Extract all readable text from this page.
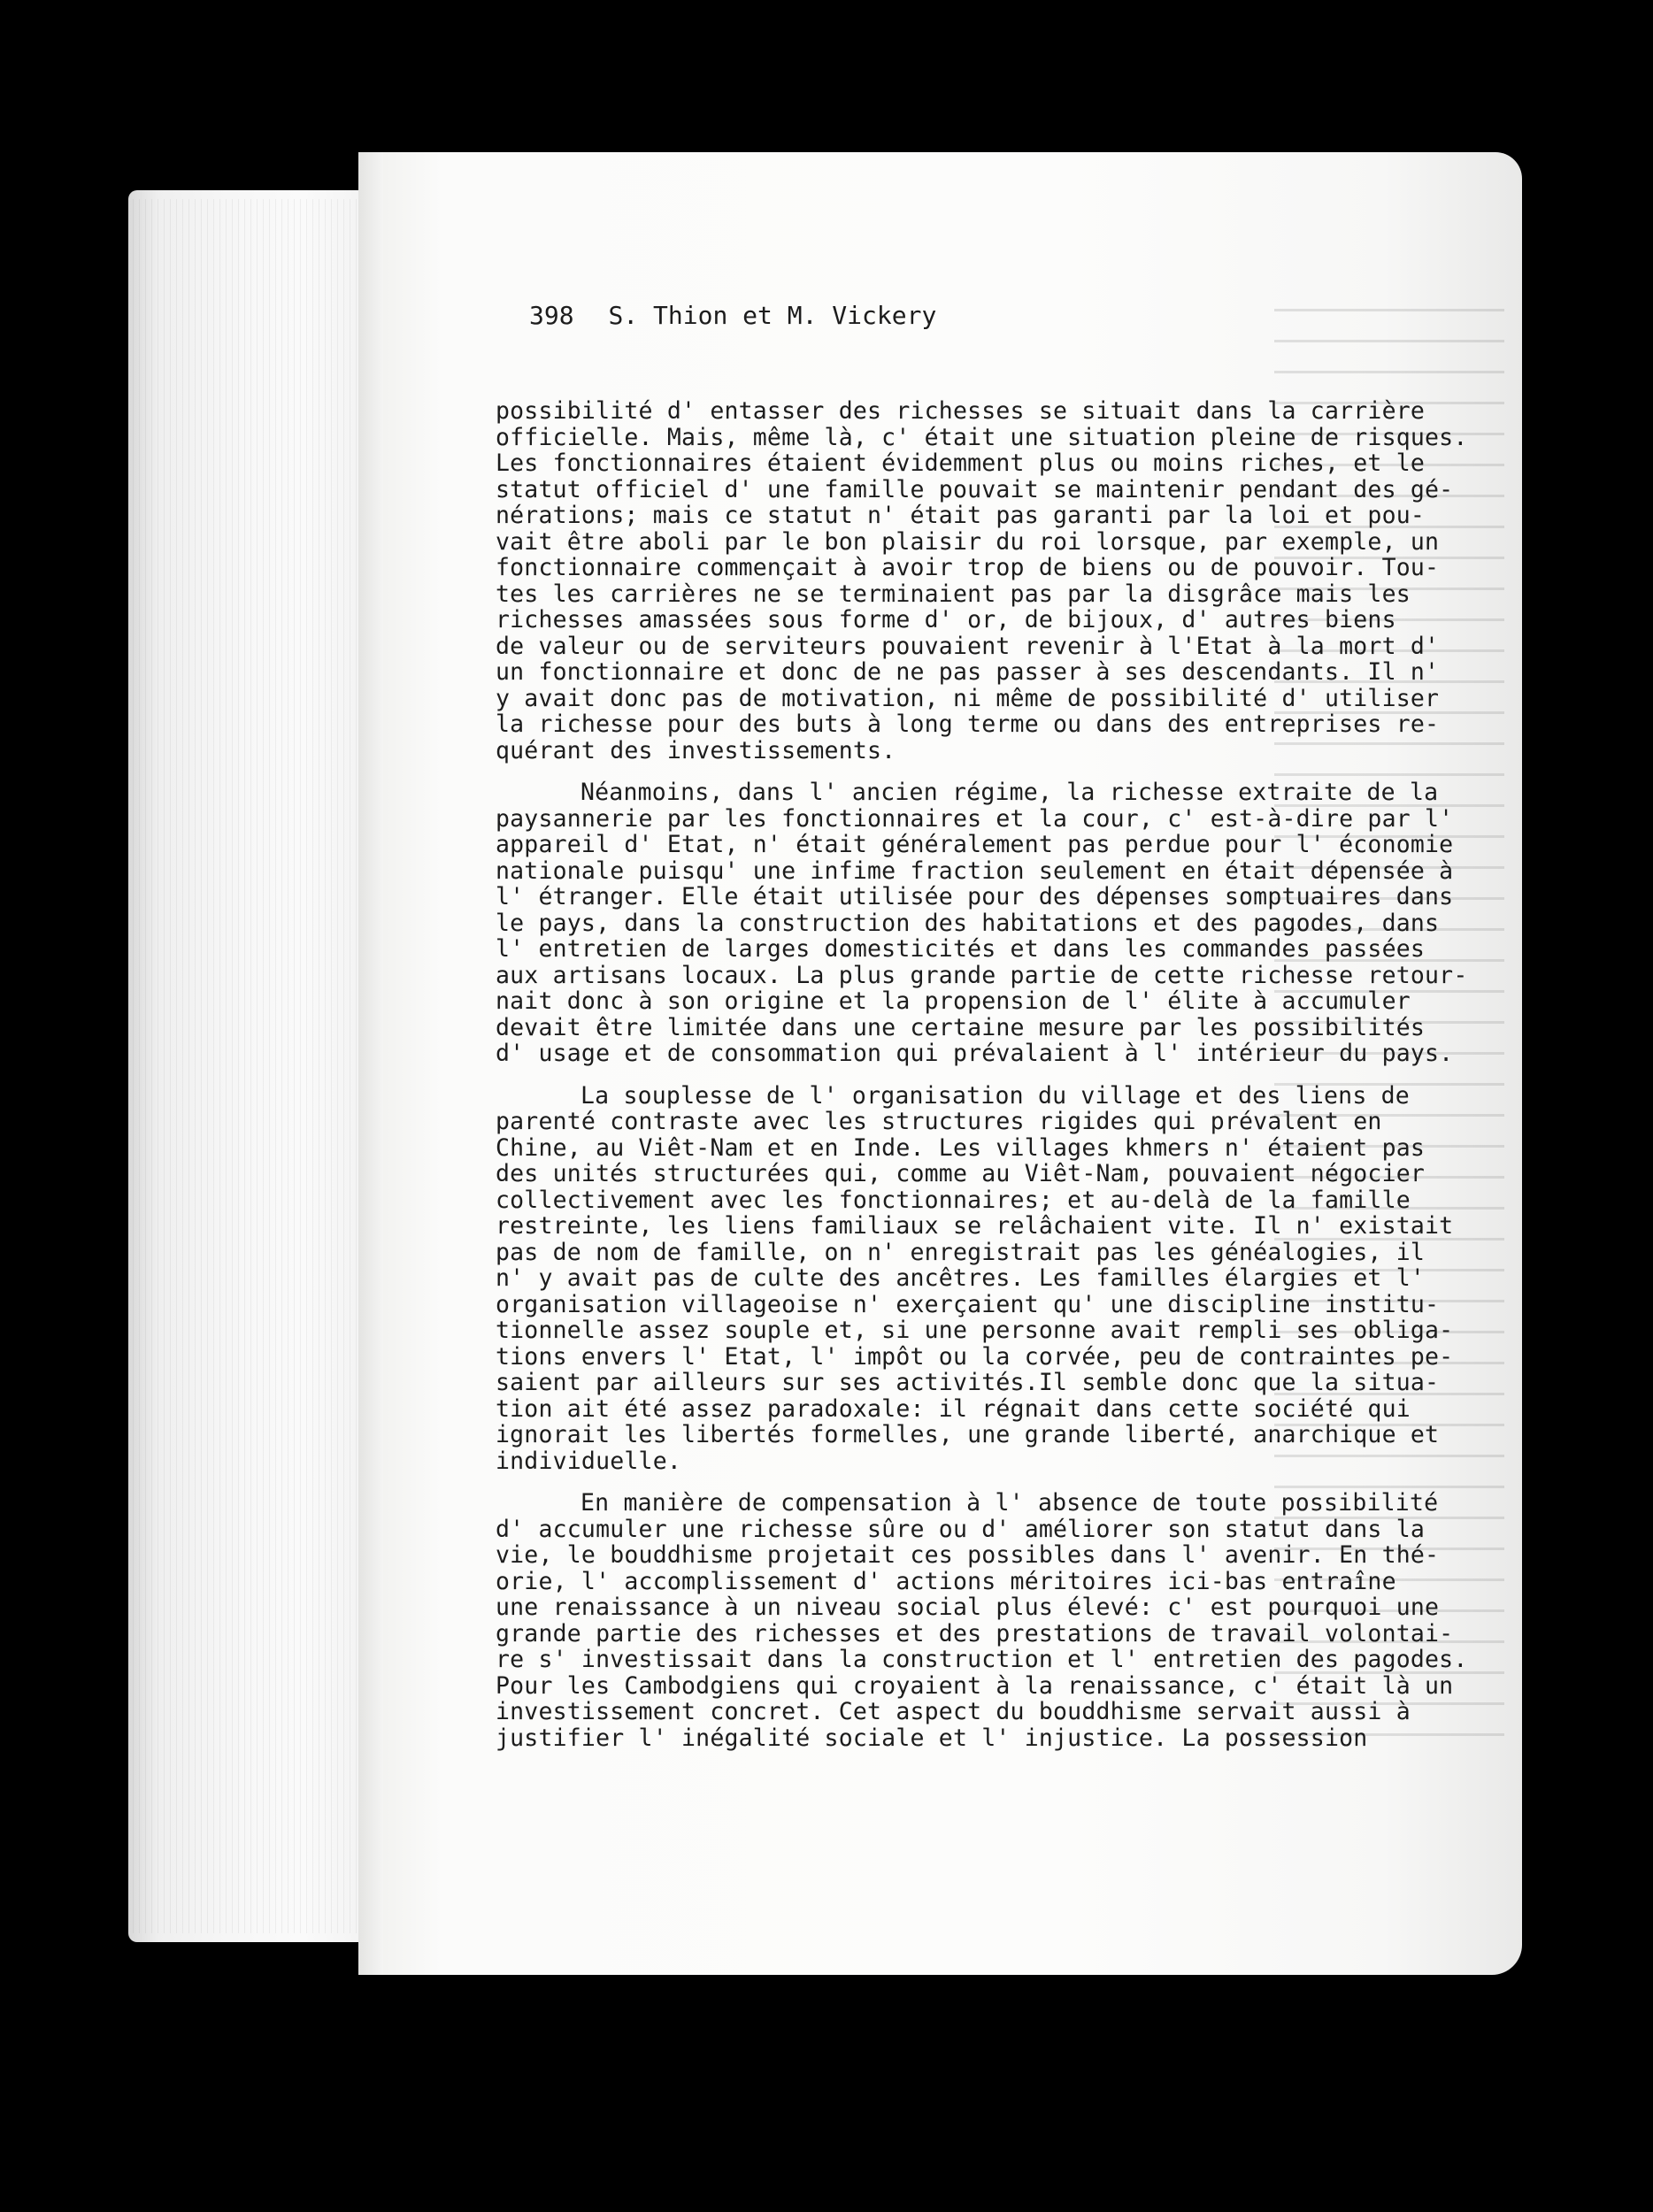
398 S. Thion et M. Vickery
possibilité d' entasser des richesses se situait dans la carrière
officielle. Mais, même là, c' était une situation pleine de risques.
Les fonctionnaires étaient évidemment plus ou moins riches, et le
statut officiel d' une famille pouvait se maintenir pendant des gé-
nérations; mais ce statut n' était pas garanti par la loi et pou-
vait être aboli par le bon plaisir du roi lorsque, par exemple, un
fonctionnaire commençait à avoir trop de biens ou de pouvoir. Tou-
tes les carrières ne se terminaient pas par la disgrâce mais les
richesses amassées sous forme d' or, de bijoux, d' autres biens
de valeur ou de serviteurs pouvaient revenir à l'Etat à la mort d'
un fonctionnaire et donc de ne pas passer à ses descendants. Il n'
y avait donc pas de motivation, ni même de possibilité d' utiliser
la richesse pour des buts à long terme ou dans des entreprises re-
quérant des investissements.
Néanmoins, dans l' ancien régime, la richesse extraite de la
paysannerie par les fonctionnaires et la cour, c' est-à-dire par l'
appareil d' Etat, n' était généralement pas perdue pour l' économie
nationale puisqu' une infime fraction seulement en était dépensée à
l' étranger. Elle était utilisée pour des dépenses somptuaires dans
le pays, dans la construction des habitations et des pagodes, dans
l' entretien de larges domesticités et dans les commandes passées
aux artisans locaux. La plus grande partie de cette richesse retour-
nait donc à son origine et la propension de l' élite à accumuler
devait être limitée dans une certaine mesure par les possibilités
d' usage et de consommation qui prévalaient à l' intérieur du pays.
La souplesse de l' organisation du village et des liens de
parenté contraste avec les structures rigides qui prévalent en
Chine, au Viêt-Nam et en Inde. Les villages khmers n' étaient pas
des unités structurées qui, comme au Viêt-Nam, pouvaient négocier
collectivement avec les fonctionnaires; et au-delà de la famille
restreinte, les liens familiaux se relâchaient vite. Il n' existait
pas de nom de famille, on n' enregistrait pas les généalogies, il
n' y avait pas de culte des ancêtres. Les familles élargies et l'
organisation villageoise n' exerçaient qu' une discipline institu-
tionnelle assez souple et, si une personne avait rempli ses obliga-
tions envers l' Etat, l' impôt ou la corvée, peu de contraintes pe-
saient par ailleurs sur ses activités.Il semble donc que la situa-
tion ait été assez paradoxale: il régnait dans cette société qui
ignorait les libertés formelles, une grande liberté, anarchique et
individuelle.
En manière de compensation à l' absence de toute possibilité
d' accumuler une richesse sûre ou d' améliorer son statut dans la
vie, le bouddhisme projetait ces possibles dans l' avenir. En thé-
orie, l' accomplissement d' actions méritoires ici-bas entraîne
une renaissance à un niveau social plus élevé: c' est pourquoi une
grande partie des richesses et des prestations de travail volontai-
re s' investissait dans la construction et l' entretien des pagodes.
Pour les Cambodgiens qui croyaient à la renaissance, c' était là un
investissement concret. Cet aspect du bouddhisme servait aussi à
justifier l' inégalité sociale et l' injustice. La possession
